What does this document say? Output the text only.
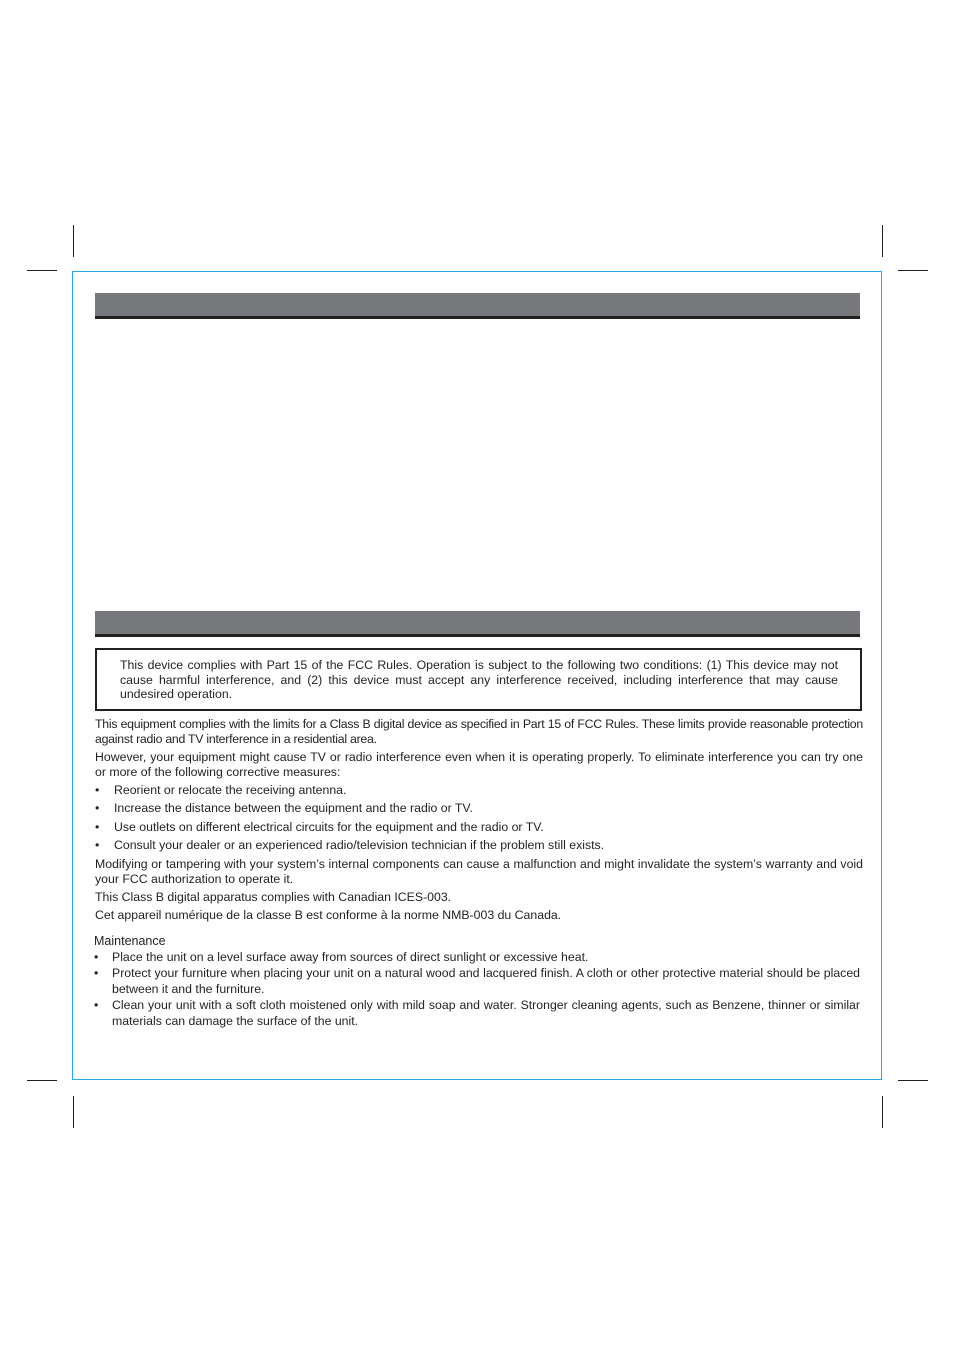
This device complies with Part 15 of the FCC Rules. Operation is subject to the following two conditions: (1) This device may not cause harmful interference, and (2) this device must accept any interference received, including interference that may cause undesired operation.
This equipment complies with the limits for a Class B digital device as specified in Part 15 of FCC Rules. These limits provide reasonable protection against radio and TV interference in a residential area.
However, your equipment might cause TV or radio interference even when it is operating properly. To eliminate interference you can try one or more of the following corrective measures:
• Reorient or relocate the receiving antenna.
• Increase the distance between the equipment and the radio or TV.
• Use outlets on different electrical circuits for the equipment and the radio or TV.
• Consult your dealer or an experienced radio/television technician if the problem still exists.
Modifying or tampering with your system’s internal components can cause a malfunction and might invalidate the system’s warranty and void your FCC authorization to operate it.
This Class B digital apparatus complies with Canadian ICES-003.
Cet appareil numérique de la classe B est conforme à la norme NMB-003 du Canada.
Maintenance
• Place the unit on a level surface away from sources of direct sunlight or excessive heat.
• Protect your furniture when placing your unit on a natural wood and lacquered finish. A cloth or other protective material should be placed between it and the furniture.
• Clean your unit with a soft cloth moistened only with mild soap and water. Stronger cleaning agents, such as Benzene, thinner or similar materials can damage the surface of the unit.
